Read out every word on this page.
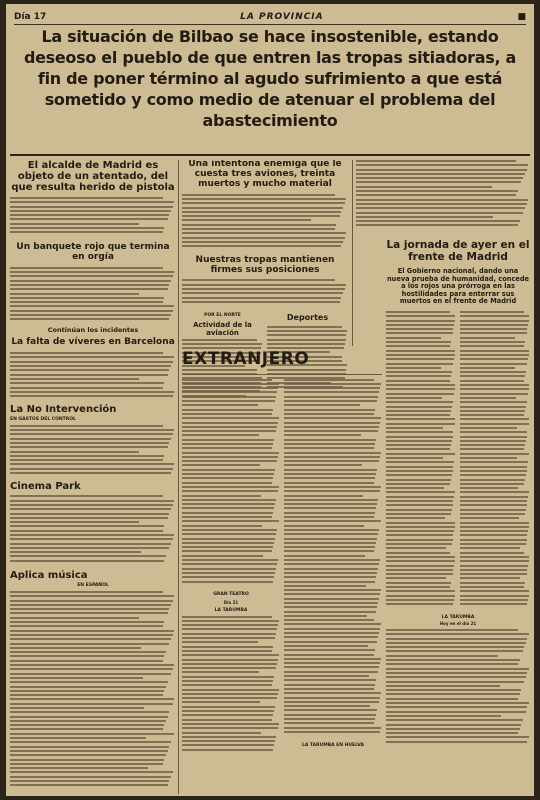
Día 17	LA PROVINCIA	■
La situación de Bilbao se hace insostenible, estando deseoso el pueblo de que entren las tropas sitiadoras, a fin de poner término al agudo sufrimiento a que está sometido y como medio de atenuar el problema del abastecimiento
El alcalde de Madrid es objeto de un atentado, del que resulta herido de pistola
Un banquete rojo que termina en orgía
Continúan los incidentes
La falta de víveres en Barcelona
La No Intervención
EN GASTOS DEL CONTROL
Cinema Park
Aplica música
EN ESPAÑOL
Una intentona enemiga que le cuesta tres aviones, treinta muertos y mucho material
Nuestras tropas mantienen firmes sus posiciones
POR EL NORTE
Actividad de la aviación
Deportes
EXTRANJERO
GRAN TEATRO
Día 21
LA TARUMBA
LA TARUMBA EN HUELVA
La jornada de ayer en el frente de Madrid
El Gobierno nacional, dando una nueva prueba de humanidad, concede a los rojos una prórroga en las hostilidades para enterrar sus muertos en el frente de Madrid
LA TARUMBA
Hoy en el día 21
